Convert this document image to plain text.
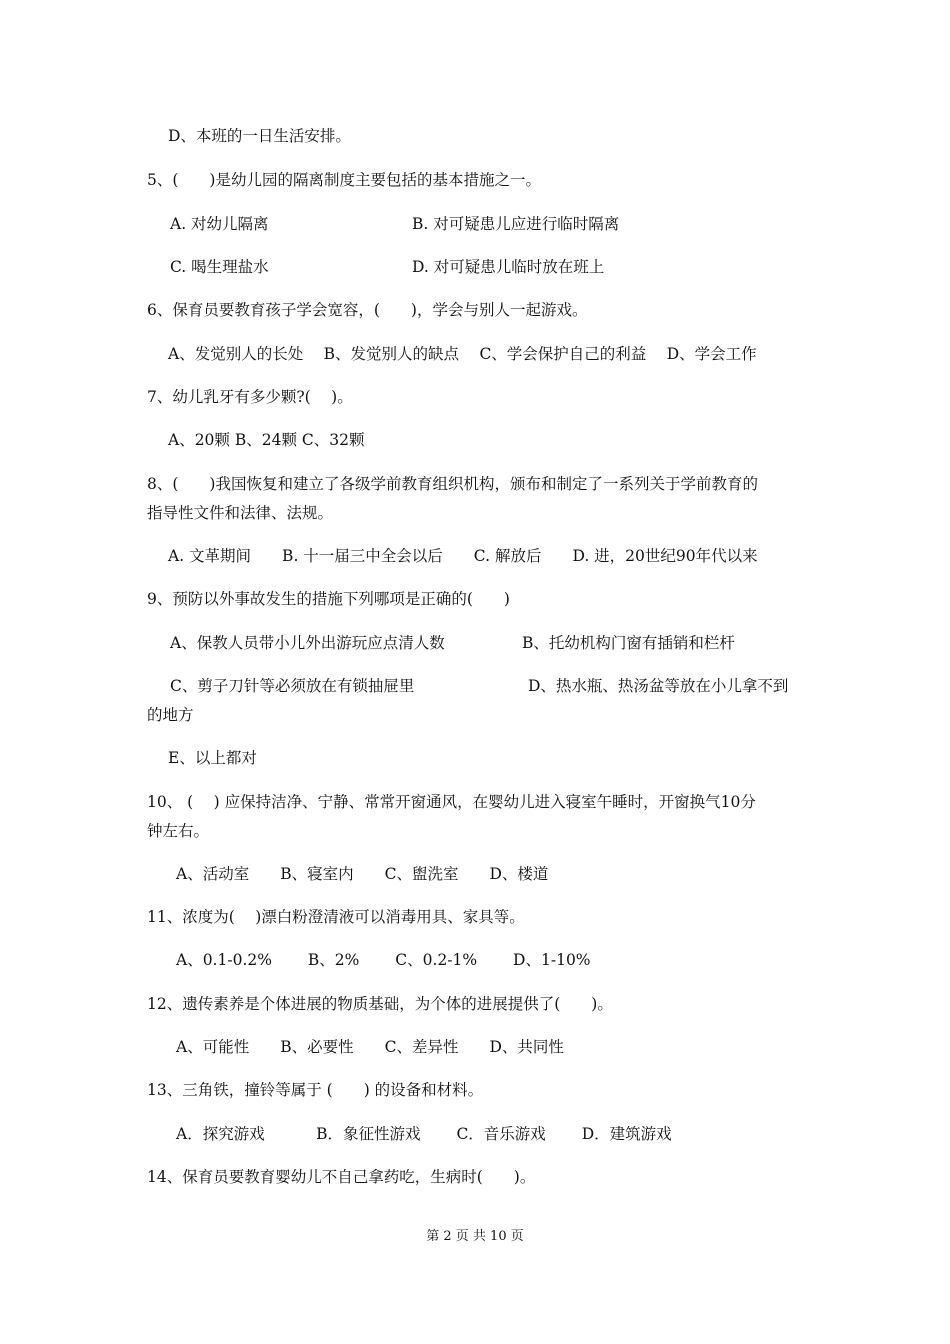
D、本班的一日生活安排。
5、(　　)是幼儿园的隔离制度主要包括的基本措施之一。
A. 对幼儿隔离	B. 对可疑患儿应进行临时隔离
C. 喝生理盐水	D. 对可疑患儿临时放在班上
6、保育员要教育孩子学会宽容，(　　)，学会与别人一起游戏。
A、发觉别人的长处　 B、发觉别人的缺点　 C、学会保护自己的利益　 D、学会工作
7、幼儿乳牙有多少颗?(　 )。
A、20颗 B、24颗 C、32颗
8、(　　)我国恢复和建立了各级学前教育组织机构，颁布和制定了一系列关于学前教育的
指导性文件和法律、法规。
A. 文革期间　　B. 十一届三中全会以后　　C. 解放后　　D. 进，20世纪90年代以来
9、预防以外事故发生的措施下列哪项是正确的(　　)
A、保教人员带小儿外出游玩应点清人数	B、托幼机构门窗有插销和栏杆
C、剪子刀针等必须放在有锁抽屉里	D、热水瓶、热汤盆等放在小儿拿不到
的地方
E、以上都对
10、 (　 ) 应保持洁净、宁静、常常开窗通风，在婴幼儿进入寝室午睡时，开窗换气10分
钟左右。
A、活动室　　B、寝室内　　C、盥洗室　　D、楼道
11、浓度为(　 )漂白粉澄清液可以消毒用具、家具等。
A、0.1-0.2%　　 B、2%　　 C、0.2-1%　　 D、1-10%
12、遗传素养是个体进展的物质基础，为个体的进展提供了(　　)。
A、可能性　　B、必要性　　C、差异性　　D、共同性
13、三角铁，撞铃等属于 (　　) 的设备和材料。
A．探究游戏　　　 B．象征性游戏　　 C．音乐游戏　　 D．建筑游戏
14、保育员要教育婴幼儿不自己拿药吃，生病时(　　)。
第 2 页 共 10 页
